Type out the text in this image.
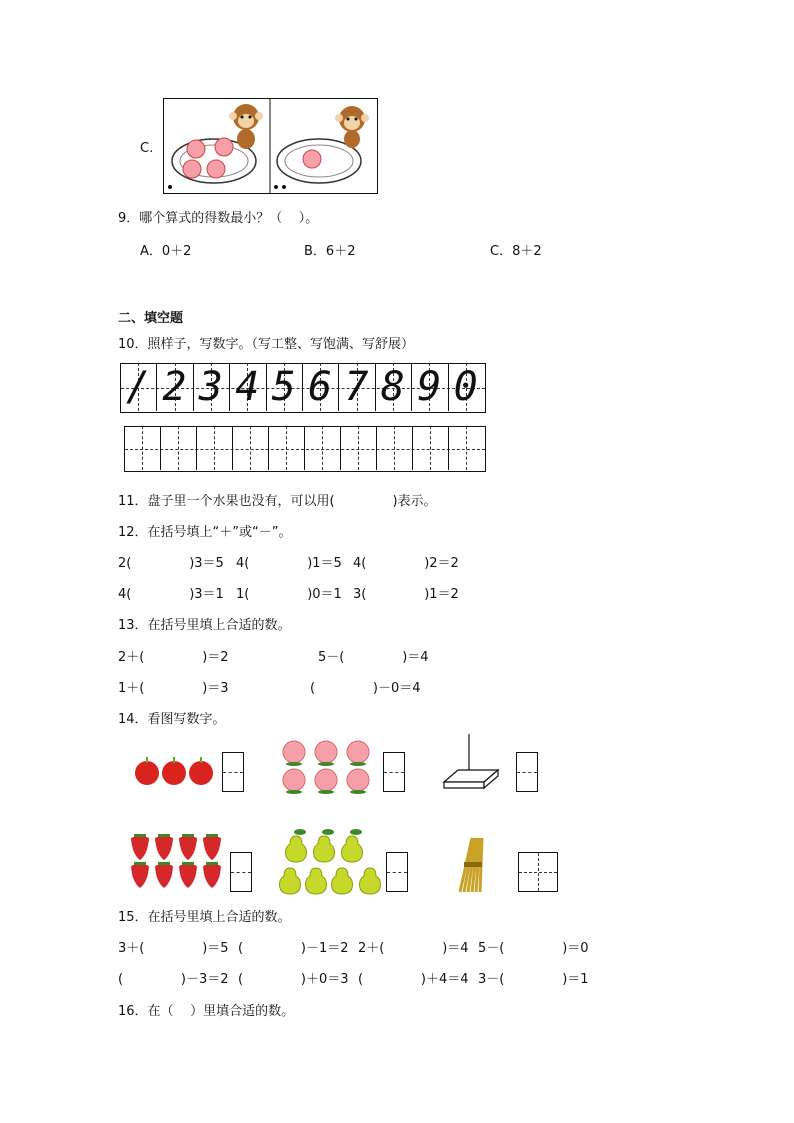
C.
9．哪个算式的得数最小？（    ）。
A．0＋2	B．6＋2	C．8＋2
二、填空题
10．照样子，写数字。（写工整、写饱满、写舒展）
/ 2 3 4 5 6 7 8 9 0
11．盘子里一个水果也没有，可以用(              )表示。
12．在括号填上“＋”或“－”。
2(              )3＝5 4(              )1＝5 4(              )2＝2
4(              )3＝1 1(              )0＝1 3(              )1＝2
13．在括号里填上合适的数。
2＋(              )＝2	5－(              )＝4
1＋(              )＝3	(              )－0＝4
14．看图写数字。
15．在括号里填上合适的数。
3＋(              )＝5 (              )－1＝2 2＋(              )＝4 5－(              )＝0
(              )－3＝2 (              )＋0＝3 (              )＋4＝4 3－(              )＝1
16．在（    ）里填合适的数。
